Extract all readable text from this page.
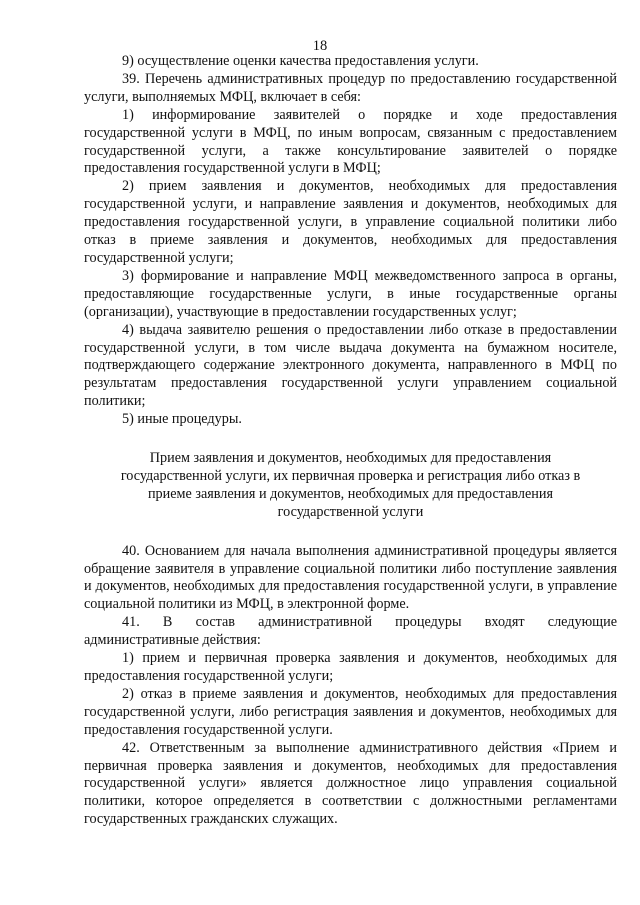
18

9) осуществление оценки качества предоставления услуги.

39. Перечень административных процедур по предоставлению государственной услуги, выполняемых МФЦ, включает в себя:

1) информирование заявителей о порядке и ходе предоставления государственной услуги в МФЦ, по иным вопросам, связанным с предоставлением государственной услуги, а также консультирование заявителей о порядке предоставления государственной услуги в МФЦ;

2) прием заявления и документов, необходимых для предоставления государственной услуги, и направление заявления и документов, необходимых для предоставления государственной услуги, в управление социальной политики либо отказ в приеме заявления и документов, необходимых для предоставления государственной услуги;

3) формирование и направление МФЦ межведомственного запроса в органы, предоставляющие государственные услуги, в иные государственные органы (организации), участвующие в предоставлении государственных услуг;

4) выдача заявителю решения о предоставлении либо отказе в предоставлении государственной услуги, в том числе выдача документа на бумажном носителе, подтверждающего содержание электронного документа, направленного в МФЦ по результатам предоставления государственной услуги управлением социальной политики;

5) иные процедуры.

Прием заявления и документов, необходимых для предоставления государственной услуги, их первичная проверка и регистрация либо отказ в приеме заявления и документов, необходимых для предоставления государственной услуги

40. Основанием для начала выполнения административной процедуры является обращение заявителя в управление социальной политики либо поступление заявления и документов, необходимых для предоставления государственной услуги, в управление социальной политики из МФЦ, в электронной форме.

41. В состав административной процедуры входят следующие административные действия:

1) прием и первичная проверка заявления и документов, необходимых для предоставления государственной услуги;

2) отказ в приеме заявления и документов, необходимых для предоставления государственной услуги, либо регистрация заявления и документов, необходимых для предоставления государственной услуги.

42. Ответственным за выполнение административного действия «Прием и первичная проверка заявления и документов, необходимых для предоставления государственной услуги» является должностное лицо управления социальной политики, которое определяется в соответствии с должностными регламентами государственных гражданских служащих.
